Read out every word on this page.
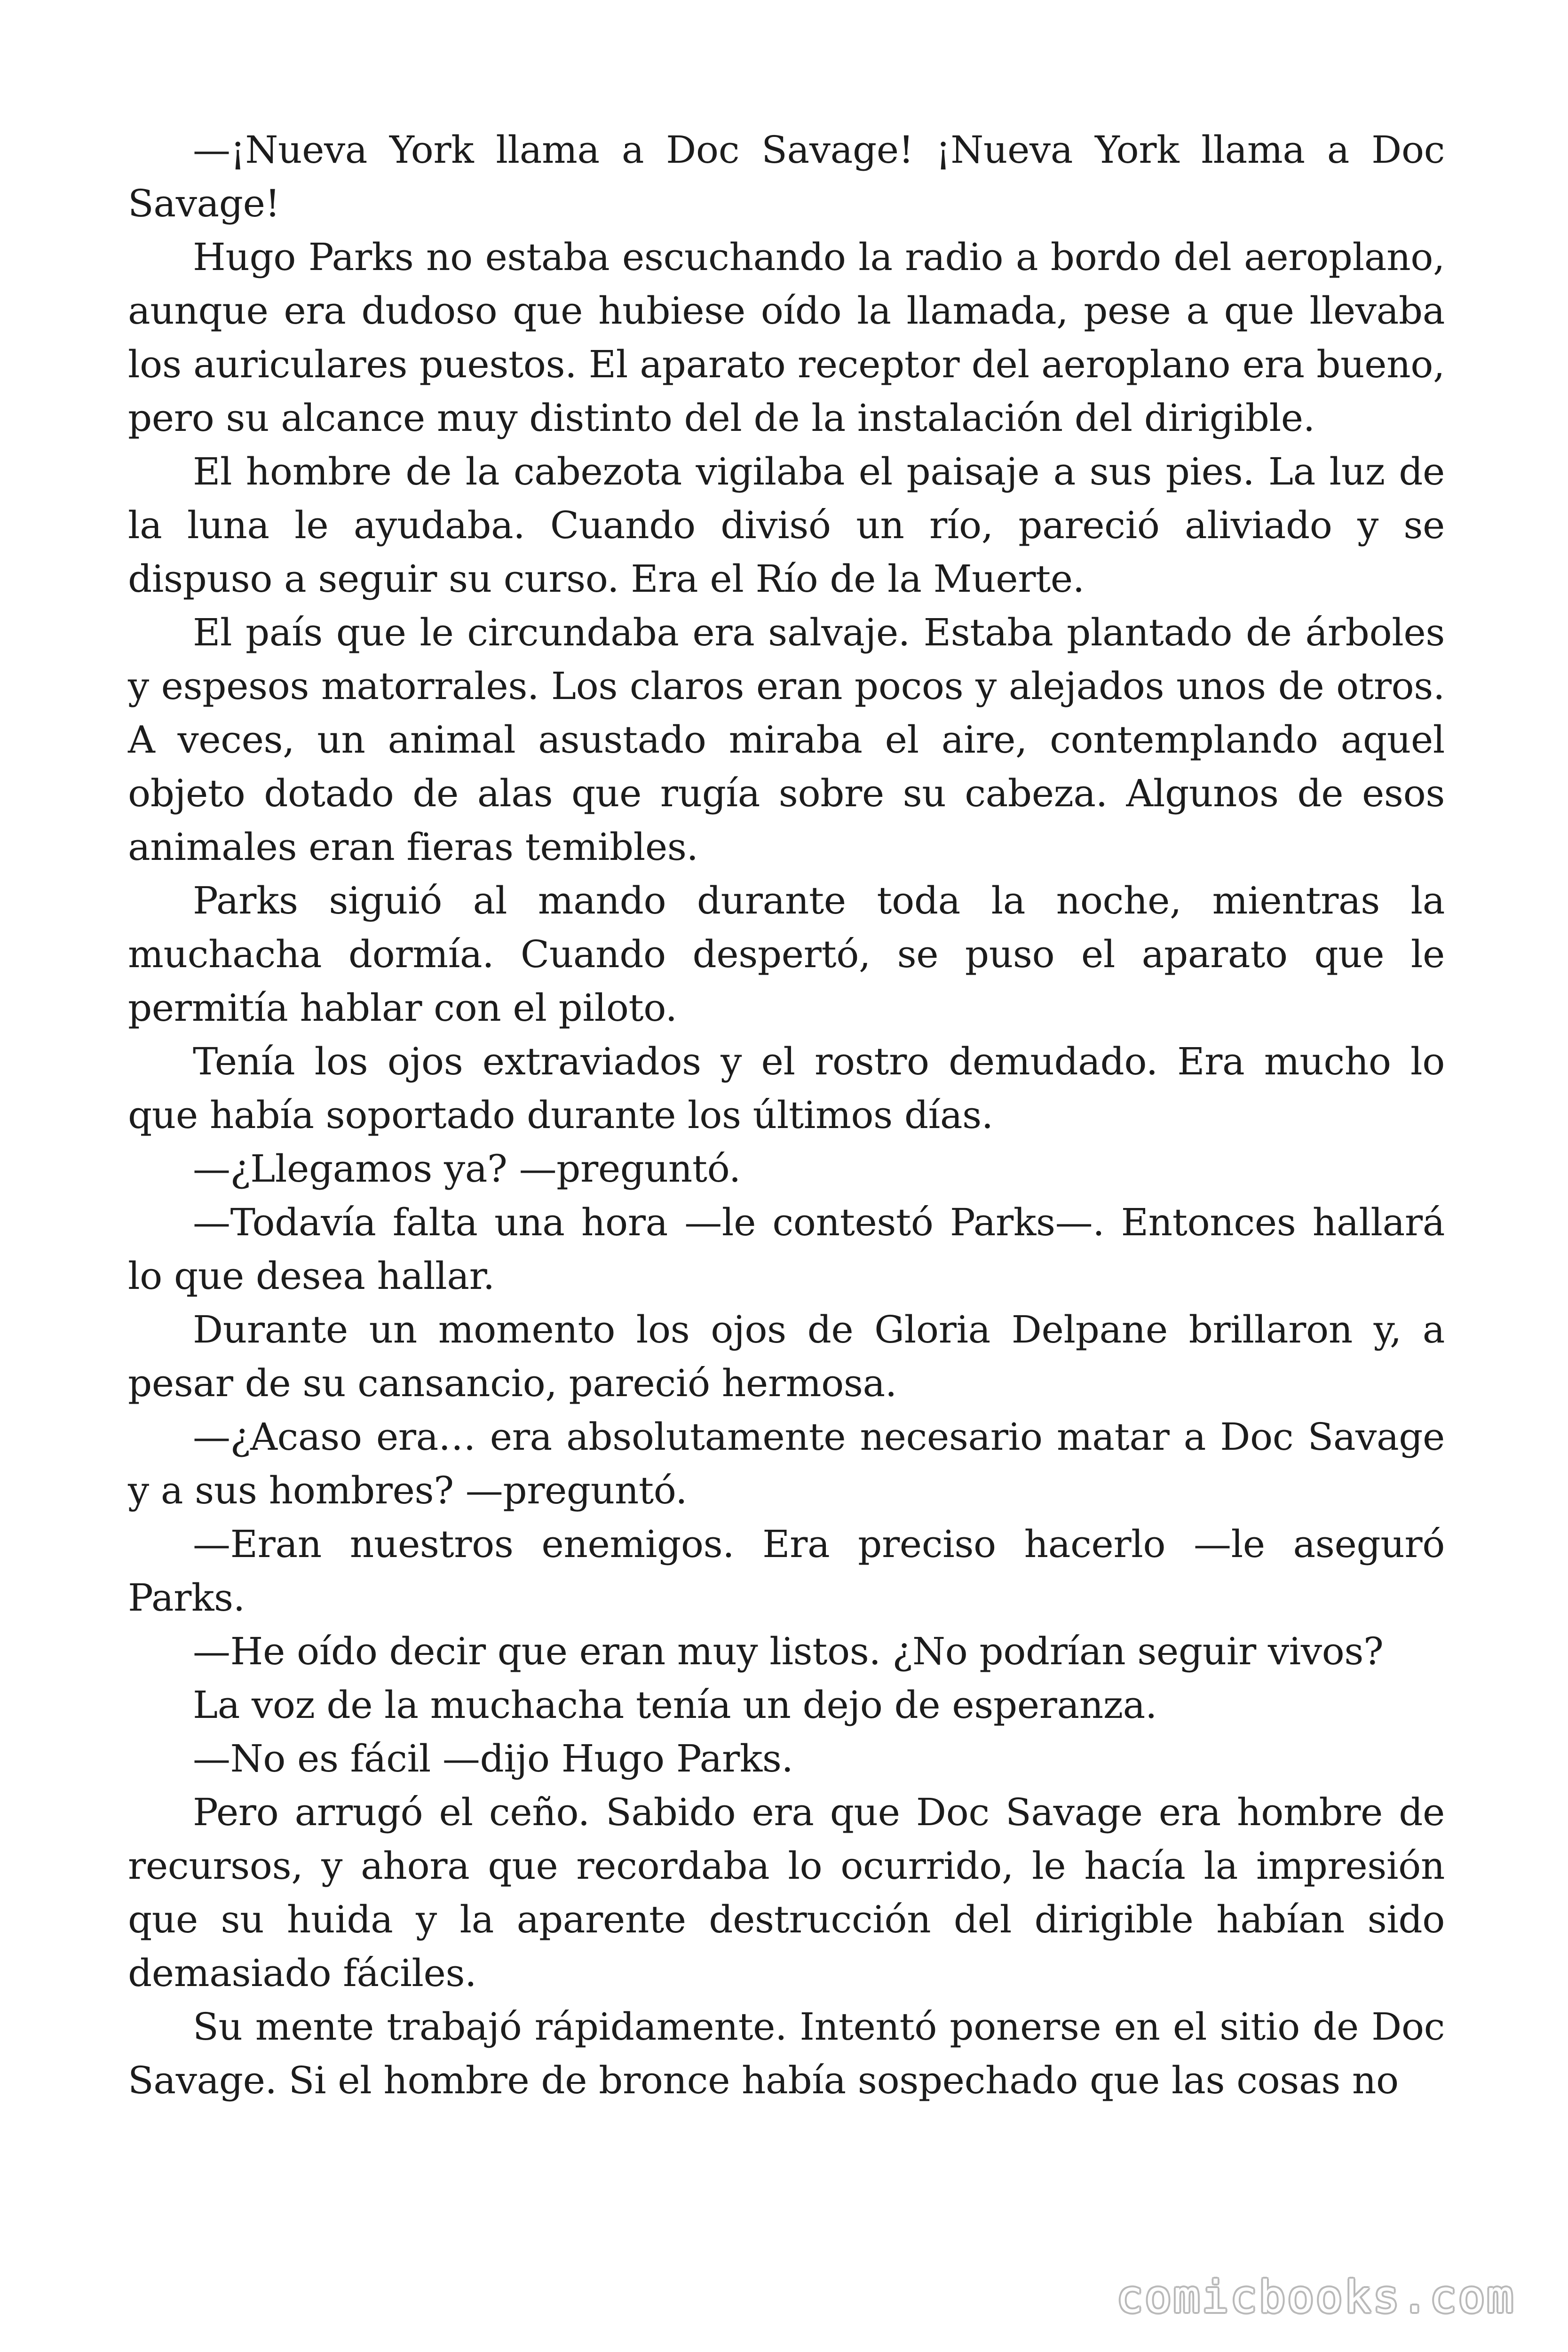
—¡Nueva York llama a Doc Savage! ¡Nueva York llama a Doc Savage!

Hugo Parks no estaba escuchando la radio a bordo del aeroplano, aunque era dudoso que hubiese oído la llamada, pese a que llevaba los auriculares puestos. El aparato receptor del aeroplano era bueno, pero su alcance muy distinto del de la instalación del dirigible.

El hombre de la cabezota vigilaba el paisaje a sus pies. La luz de la luna le ayudaba. Cuando divisó un río, pareció aliviado y se dispuso a seguir su curso. Era el Río de la Muerte.

El país que le circundaba era salvaje. Estaba plantado de árboles y espesos matorrales. Los claros eran pocos y alejados unos de otros. A veces, un animal asustado miraba el aire, contemplando aquel objeto dotado de alas que rugía sobre su cabeza. Algunos de esos animales eran fieras temibles.

Parks siguió al mando durante toda la noche, mientras la muchacha dormía. Cuando despertó, se puso el aparato que le permitía hablar con el piloto.

Tenía los ojos extraviados y el rostro demudado. Era mucho lo que había soportado durante los últimos días.

—¿Llegamos ya? —preguntó.

—Todavía falta una hora —le contestó Parks—. Entonces hallará lo que desea hallar.

Durante un momento los ojos de Gloria Delpane brillaron y, a pesar de su cansancio, pareció hermosa.

—¿Acaso era… era absolutamente necesario matar a Doc Savage y a sus hombres? —preguntó.

—Eran nuestros enemigos. Era preciso hacerlo —le aseguró Parks.

—He oído decir que eran muy listos. ¿No podrían seguir vivos?

La voz de la muchacha tenía un dejo de esperanza.

—No es fácil —dijo Hugo Parks.

Pero arrugó el ceño. Sabido era que Doc Savage era hombre de recursos, y ahora que recordaba lo ocurrido, le hacía la impresión que su huida y la aparente destrucción del dirigible habían sido demasiado fáciles.

Su mente trabajó rápidamente. Intentó ponerse en el sitio de Doc Savage. Si el hombre de bronce había sospechado que las cosas no

comicbooks.com
